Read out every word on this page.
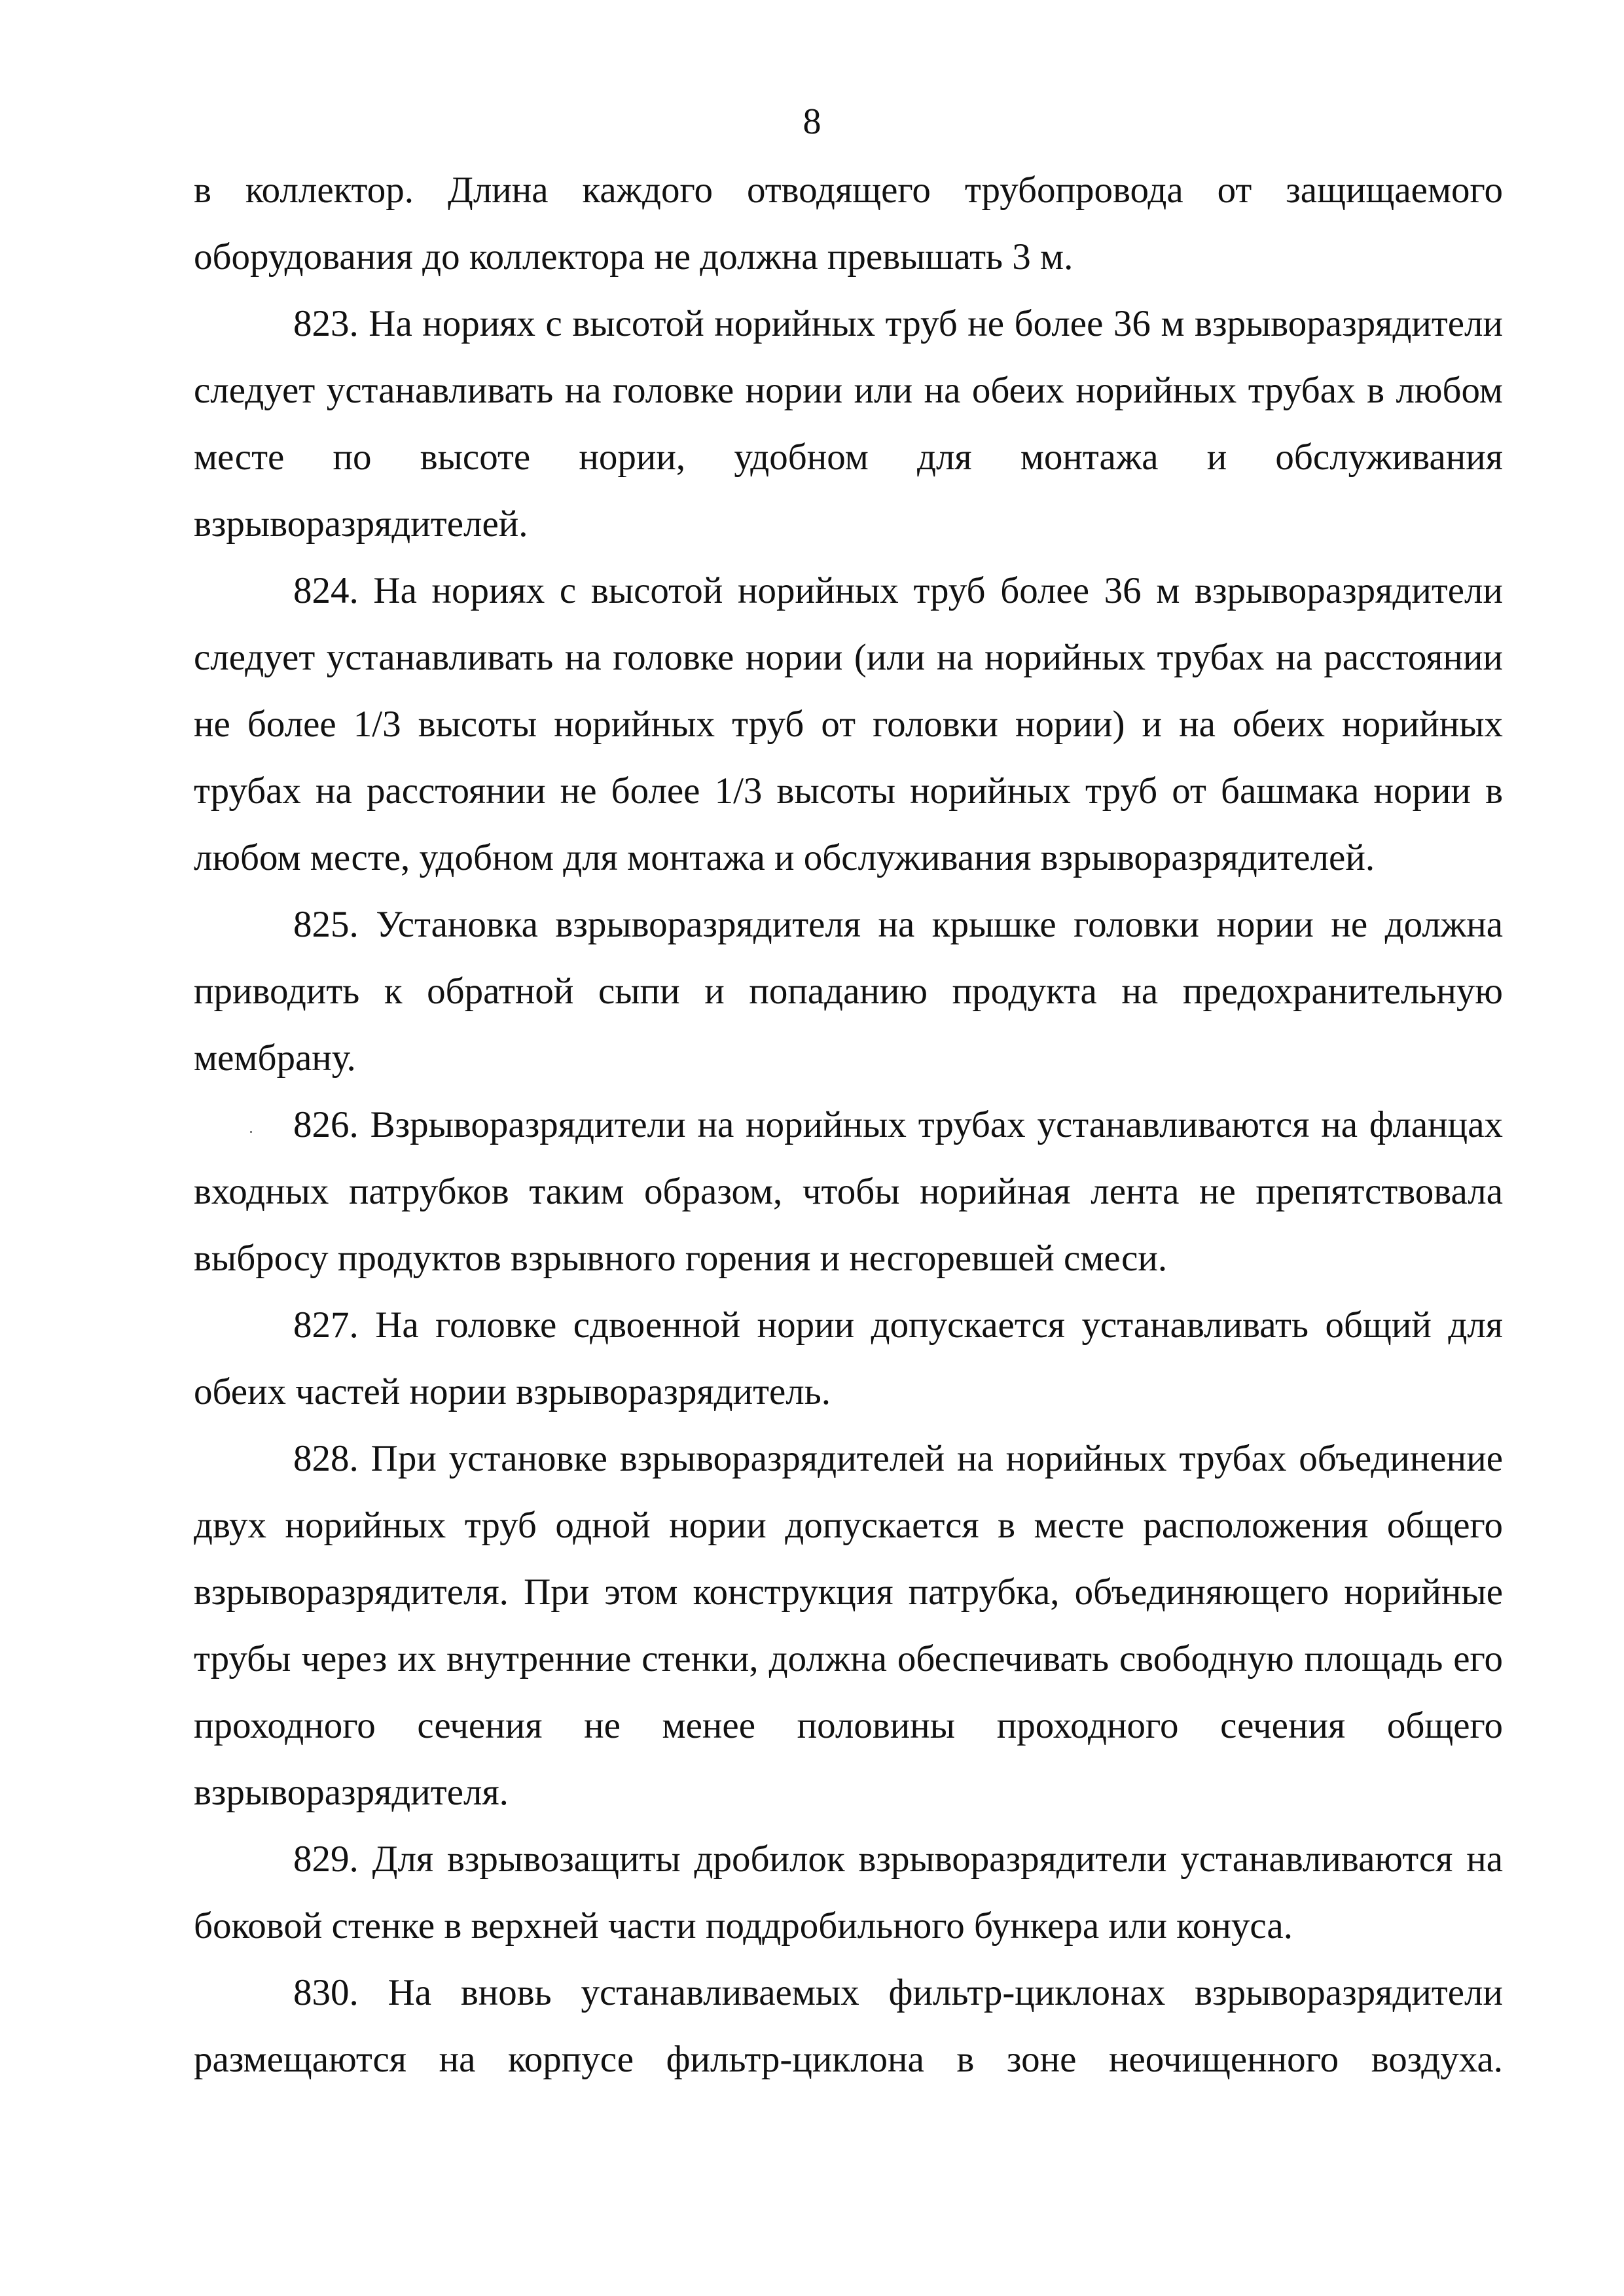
8

в коллектор. Длина каждого отводящего трубопровода от защищаемого оборудования до коллектора не должна превышать 3 м.

823. На нориях с высотой норийных труб не более 36 м взрыворазрядители следует устанавливать на головке нории или на обеих норийных трубах в любом месте по высоте нории, удобном для монтажа и обслуживания взрыворазрядителей.

824. На нориях с высотой норийных труб более 36 м взрыворазрядители следует устанавливать на головке нории (или на норийных трубах на расстоянии не более 1/3 высоты норийных труб от головки нории) и на обеих норийных трубах на расстоянии не более 1/3 высоты норийных труб от башмака нории в любом месте, удобном для монтажа и обслуживания взрыворазрядителей.

825. Установка взрыворазрядителя на крышке головки нории не должна приводить к обратной сыпи и попаданию продукта на предохранительную мембрану.

826. Взрыворазрядители на норийных трубах устанавливаются на фланцах входных патрубков таким образом, чтобы норийная лента не препятствовала выбросу продуктов взрывного горения и несгоревшей смеси.

827. На головке сдвоенной нории допускается устанавливать общий для обеих частей нории взрыворазрядитель.

828. При установке взрыворазрядителей на норийных трубах объединение двух норийных труб одной нории допускается в месте расположения общего взрыворазрядителя. При этом конструкция патрубка, объединяющего норийные трубы через их внутренние стенки, должна обеспечивать свободную площадь его проходного сечения не менее половины проходного сечения общего взрыворазрядителя.

829. Для взрывозащиты дробилок взрыворазрядители устанавливаются на боковой стенке в верхней части поддробильного бункера или конуса.

830. На вновь устанавливаемых фильтр-циклонах взрыворазрядители размещаются на корпусе фильтр-циклона в зоне неочищенного воздуха.
